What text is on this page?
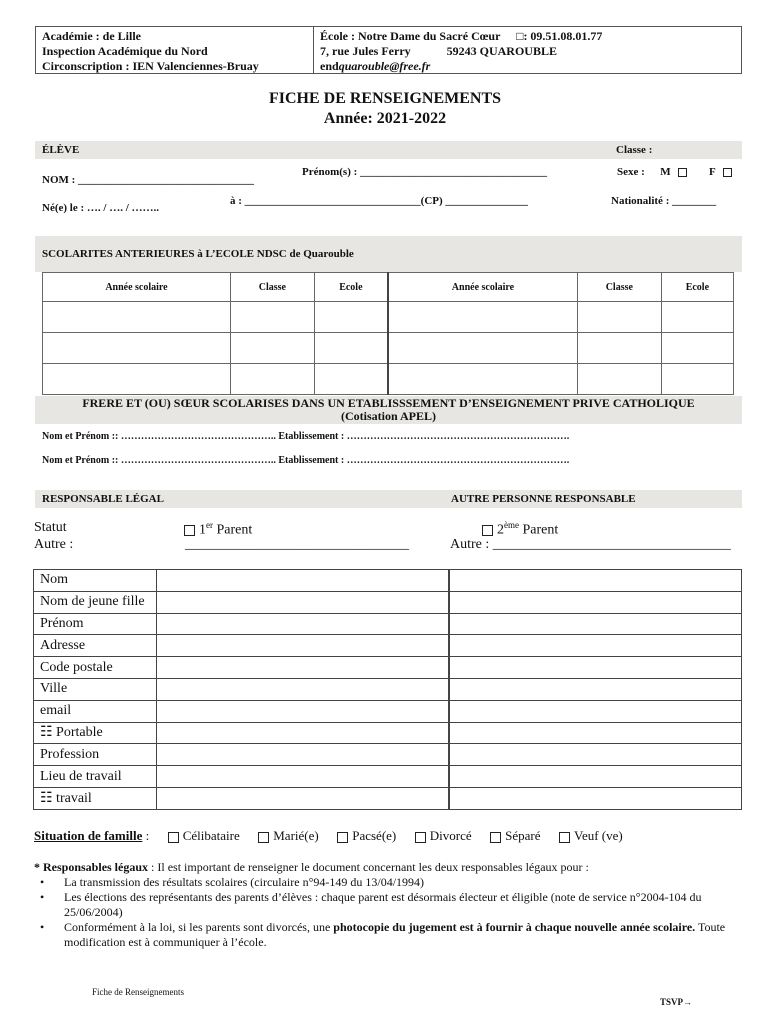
Académie : de Lille
Inspection Académique du Nord
Circonscription : IEN Valenciennes-Bruay
École : Notre Dame du Sacré Cœur □: 09.51.08.01.77
7, rue Jules Ferry	59243 QUAROUBLE
endquarouble@free.fr
FICHE DE RENSEIGNEMENTS
Année: 2021-2022
ÉLÈVE	Classe :
NOM : ________________________________
Prénom(s) : __________________________________	Sexe : M	F
Né(e) le : …. / …. / ……..
à : ________________________________(CP) _______________	Nationalité : ________
SCOLARITES ANTERIEURES à L’ECOLE NDSC de Quarouble
Année scolaire	Classe	Ecole	Année scolaire	Classe	Ecole

FRERE ET (OU) SŒUR SCOLARISES DANS UN ETABLISSSEMENT D’ENSEIGNEMENT PRIVE CATHOLIQUE
(Cotisation APEL)
Nom et Prénom :: ……………………………………….. Etablissement : ………………………………………………………….
Nom et Prénom :: ……………………………………….. Etablissement : ………………………………………………………….
RESPONSABLE LÉGAL	AUTRE PERSONNE RESPONSABLE
Statut
Autre :
1er Parent
________________________________
2ème Parent
Autre : __________________________________
Nom		
Nom de jeune fille		
Prénom		
Adresse		
Code postale		
Ville		
email		
☷ Portable		
Profession		
Lieu de travail		
☷ travail		
Situation de famille :	Célibataire	Marié(e)	Pacsé(e)	Divorcé	Séparé	Veuf (ve)
* Responsables légaux : Il est important de renseigner le document concernant les deux responsables légaux pour :
• La transmission des résultats scolaires (circulaire n°94-149 du 13/04/1994)
• Les élections des représentants des parents d’élèves : chaque parent est désormais électeur et éligible (note de service n°2004-104 du 25/06/2004)
• Conformément à la loi, si les parents sont divorcés, une photocopie du jugement est à fournir à chaque nouvelle année scolaire. Toute modification est à communiquer à l’école.
Fiche de Renseignements
TSVP→
